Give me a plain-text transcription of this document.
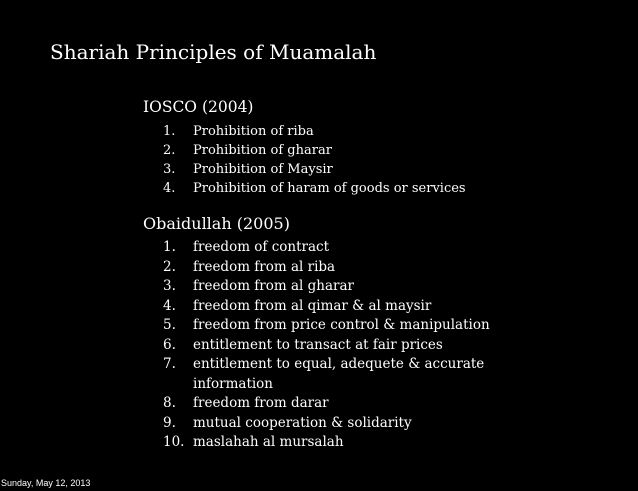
Shariah Principles of Muamalah
IOSCO (2004)
1.	Prohibition of riba
2.	Prohibition of gharar
3.	Prohibition of Maysir
4.	Prohibition of haram of goods or services
Obaidullah (2005)
1.	freedom of contract
2.	freedom from al riba
3.	freedom from al gharar
4.	freedom from al qimar & al maysir
5.	freedom from price control & manipulation
6.	entitlement to transact at fair prices
7.	entitlement to equal, adequete & accurate
information
8.	freedom from darar
9.	mutual cooperation & solidarity
10. maslahah al mursalah
Sunday, May 12, 2013
